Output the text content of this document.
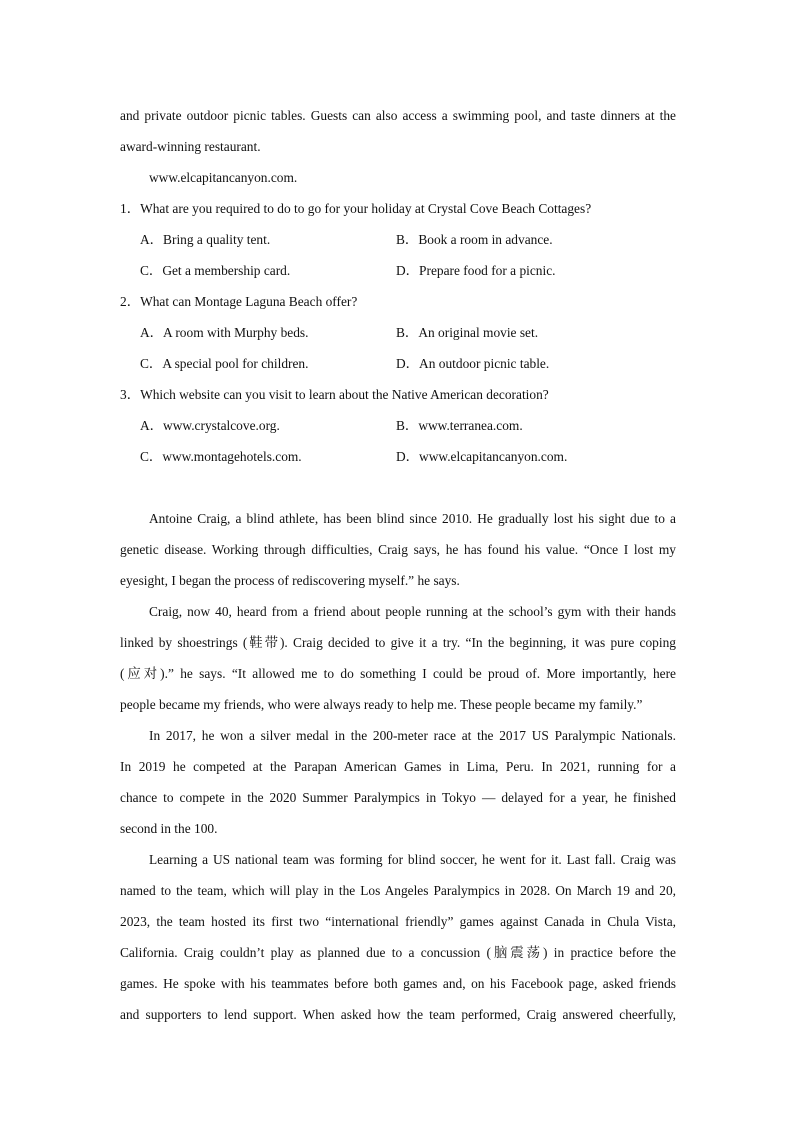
and private outdoor picnic tables. Guests can also access a swimming pool, and taste dinners at the
award-winning restaurant.
www.elcapitancanyon.com.
1．What are you required to do to go for your holiday at Crystal Cove Beach Cottages?
A．Bring a quality tent.	B．Book a room in advance.
C．Get a membership card.	D．Prepare food for a picnic.
2．What can Montage Laguna Beach offer?
A．A room with Murphy beds.	B．An original movie set.
C．A special pool for children.	D．An outdoor picnic table.
3．Which website can you visit to learn about the Native American decoration?
A．www.crystalcove.org.	B．www.terranea.com.
C．www.montagehotels.com.	D．www.elcapitancanyon.com.
Antoine Craig, a blind athlete, has been blind since 2010. He gradually lost his sight due to a
genetic disease. Working through difficulties, Craig says, he has found his value. “Once I lost my
eyesight, I began the process of rediscovering myself.” he says.
Craig, now 40, heard from a friend about people running at the school’s gym with their hands
linked by shoestrings (鞋带). Craig decided to give it a try. “In the beginning, it was pure coping
(应对).” he says. “It allowed me to do something I could be proud of. More importantly, here
people became my friends, who were always ready to help me. These people became my family.”
In 2017, he won a silver medal in the 200-meter race at the 2017 US Paralympic Nationals.
In 2019 he competed at the Parapan American Games in Lima, Peru. In 2021, running for a
chance to compete in the 2020 Summer Paralympics in Tokyo — delayed for a year, he finished
second in the 100.
Learning a US national team was forming for blind soccer, he went for it. Last fall. Craig was
named to the team, which will play in the Los Angeles Paralympics in 2028. On March 19 and 20,
2023, the team hosted its first two “international friendly” games against Canada in Chula Vista,
California. Craig couldn’t play as planned due to a concussion (脑震荡) in practice before the
games. He spoke with his teammates before both games and, on his Facebook page, asked friends
and supporters to lend support. When asked how the team performed, Craig answered cheerfully,
